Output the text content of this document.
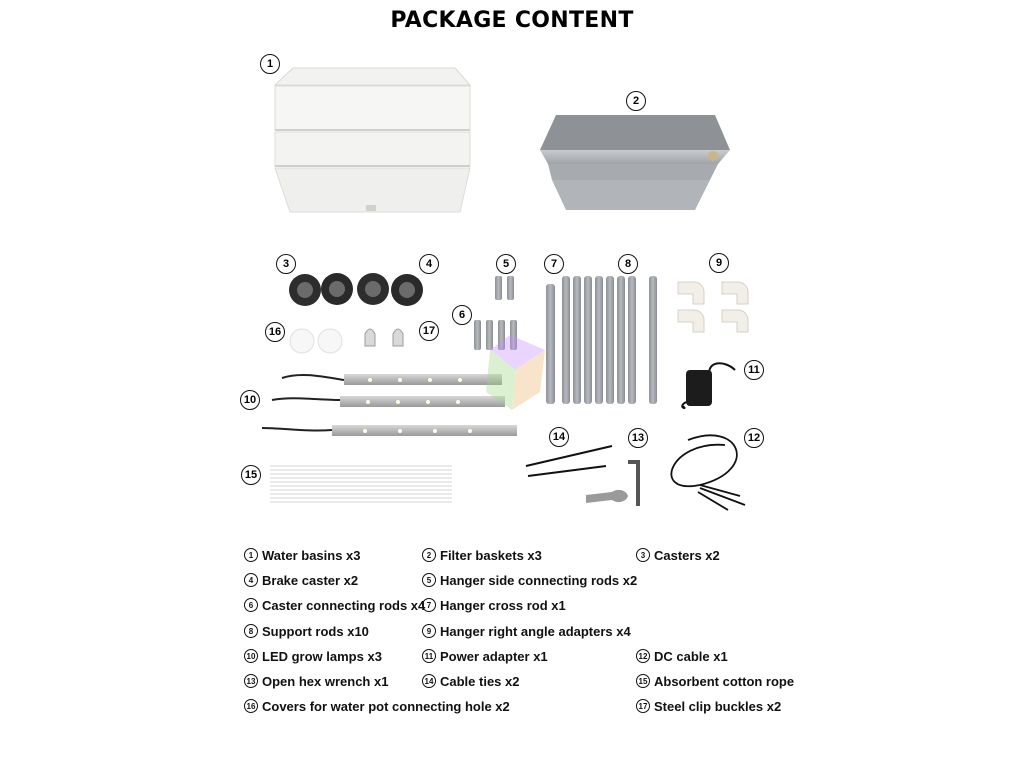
PACKAGE CONTENT
1
2
3	4	5
6
7	8	9
10
11
12
13
14
15
16	17
1 Water basins x3	2 Filter baskets x3	3 Casters x2
4 Brake caster x2	5 Hanger side connecting rods x2
6 Caster connecting rods x4 7 Hanger cross rod x1
8 Support rods x10	9 Hanger right angle adapters x4
10 LED grow lamps x3	11 Power adapter x1	12 DC cable x1
13 Open hex wrench x1	14 Cable ties x2	15 Absorbent cotton rope
16 Covers for water pot connecting hole x2	17 Steel clip buckles x2
